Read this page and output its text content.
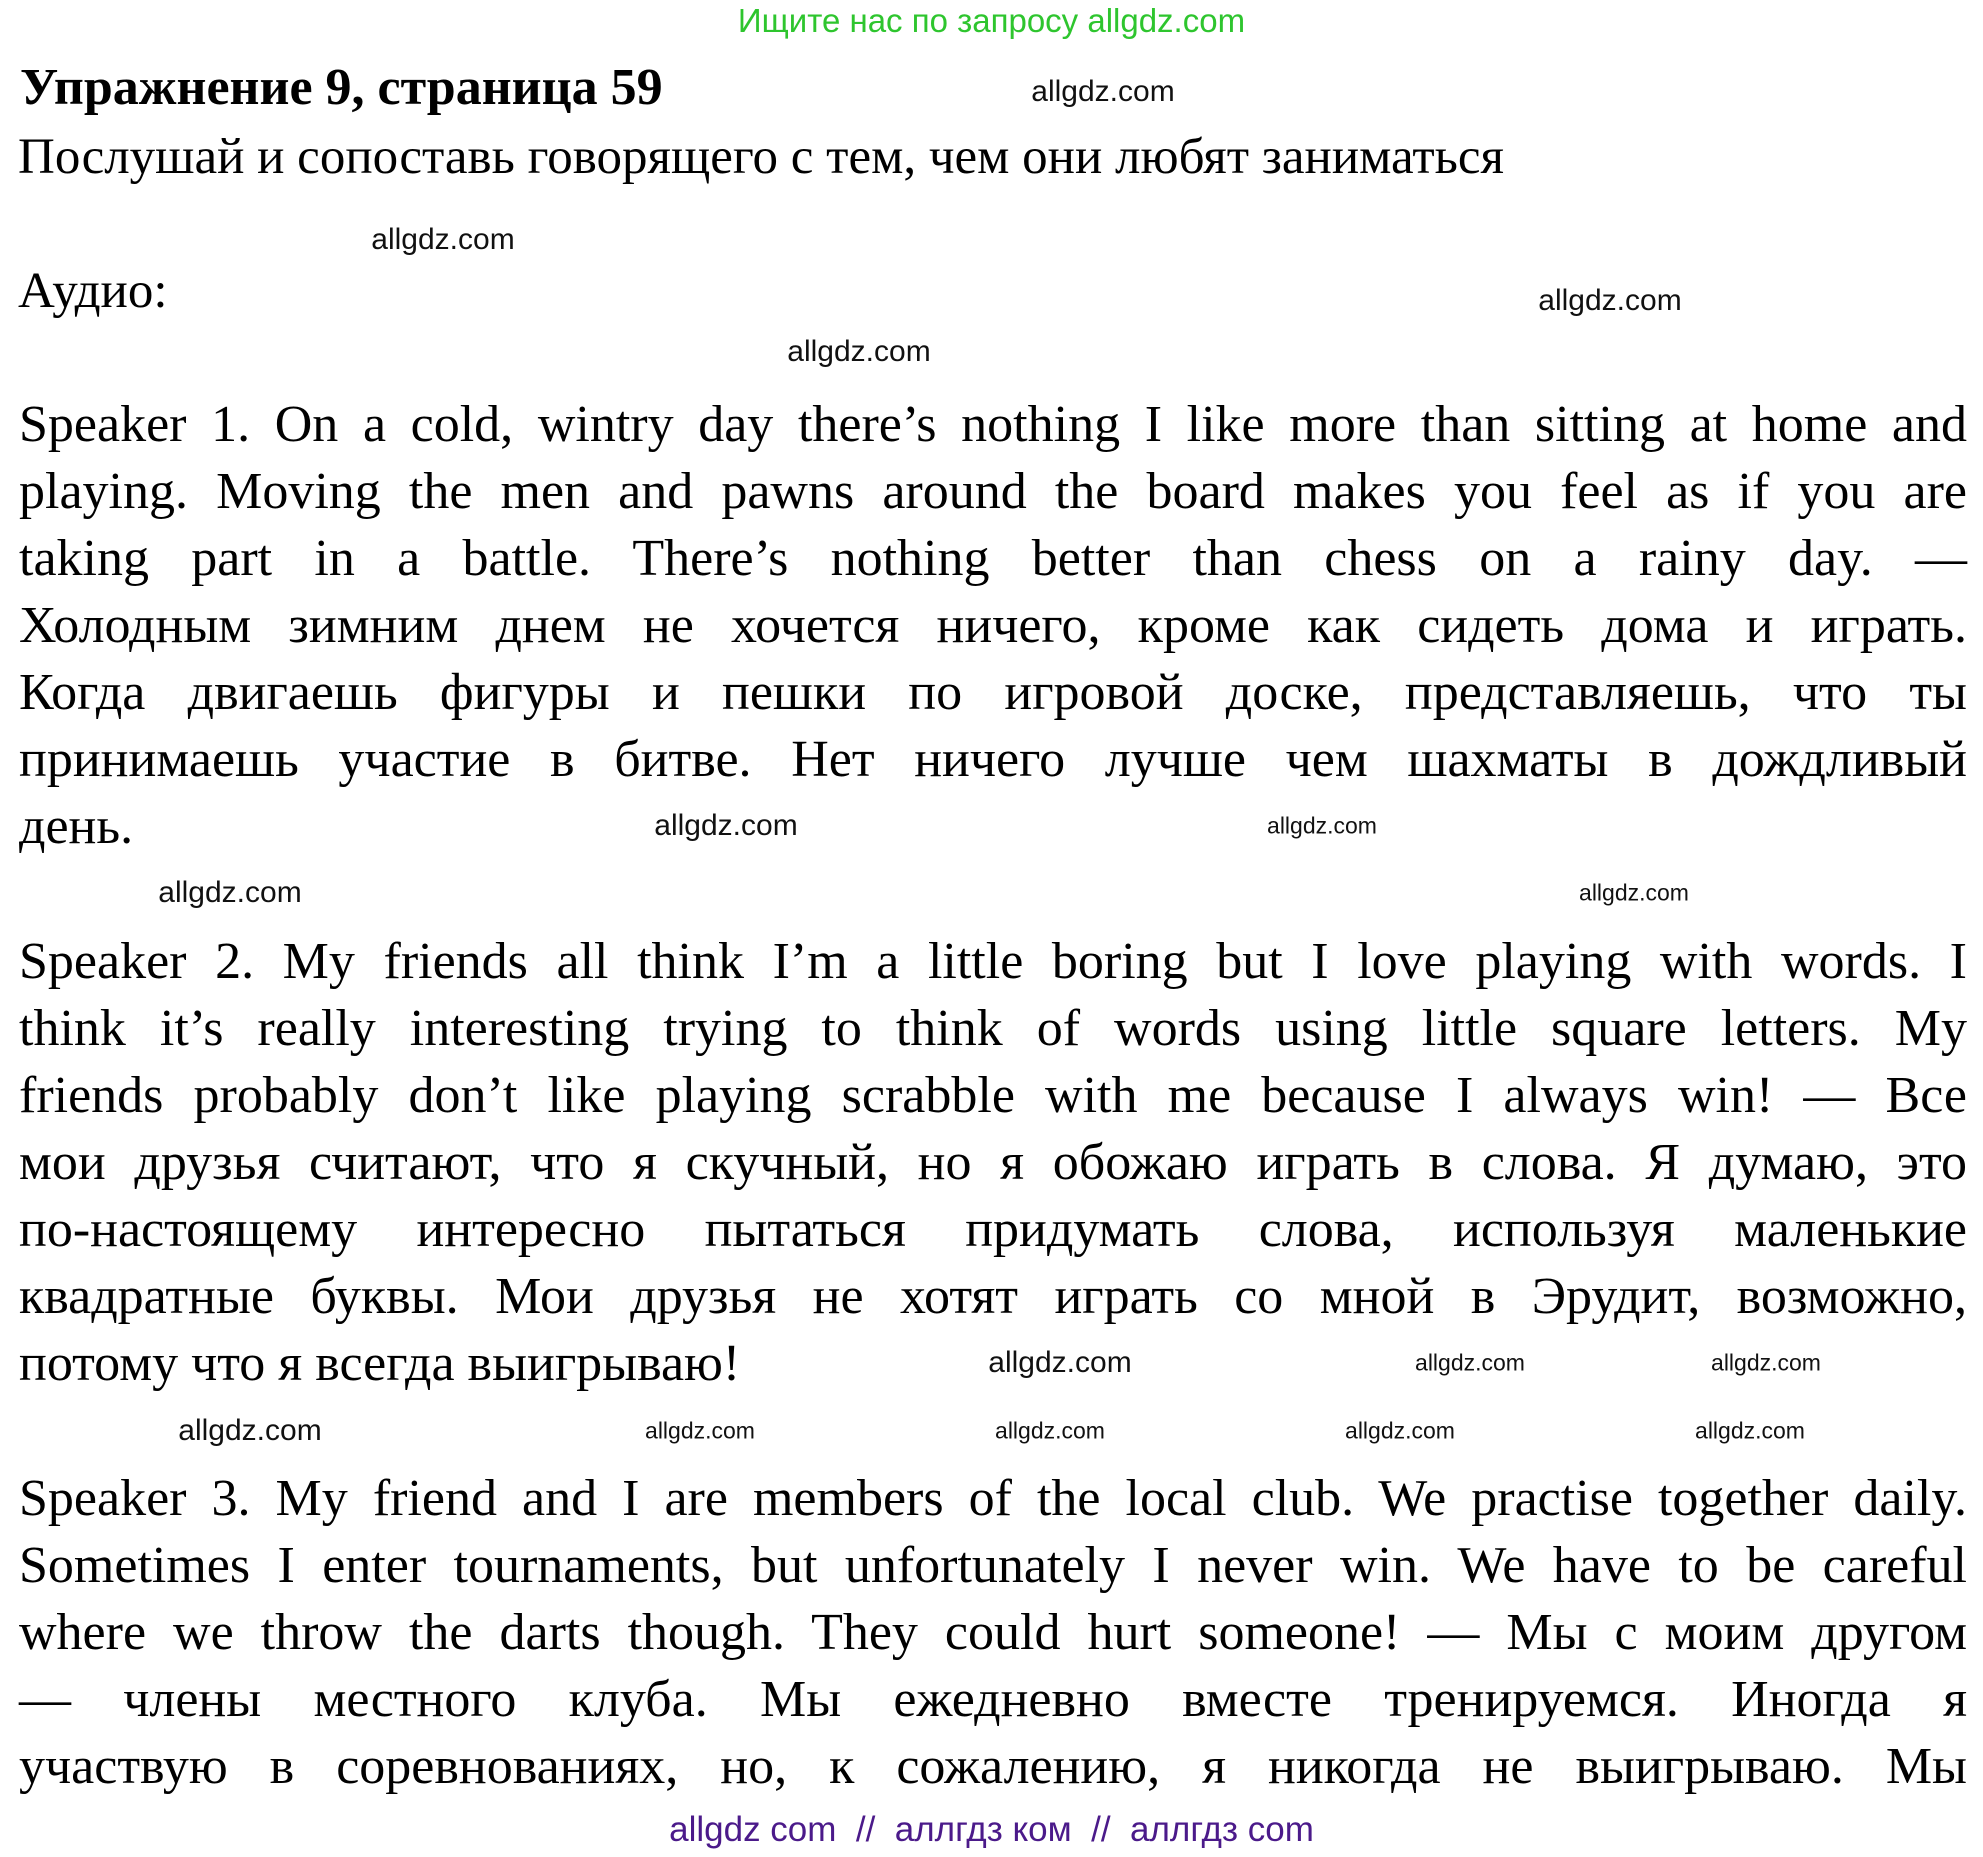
Ищите нас по запросу allgdz.com
Упражнение 9, страница 59
Послушай и сопоставь говорящего с тем, чем они любят заниматься
Аудио:
Speaker 1. On a cold, wintry day there’s nothing I like more than sitting at home and
playing. Moving the men and pawns around the board makes you feel as if you are
taking part in a battle. There’s nothing better than chess on a rainy day. —
Холодным зимним днем не хочется ничего, кроме как сидеть дома и играть.
Когда двигаешь фигуры и пешки по игровой доске, представляешь, что ты
принимаешь участие в битве. Нет ничего лучше чем шахматы в дождливый
день.
Speaker 2. My friends all think I’m a little boring but I love playing with words. I
think it’s really interesting trying to think of words using little square letters. My
friends probably don’t like playing scrabble with me because I always win! — Все
мои друзья считают, что я скучный, но я обожаю играть в слова. Я думаю, это
по-настоящему интересно пытаться придумать слова, используя маленькие
квадратные буквы. Мои друзья не хотят играть со мной в Эрудит, возможно,
потому что я всегда выигрываю!
Speaker 3. My friend and I are members of the local club. We practise together daily.
Sometimes I enter tournaments, but unfortunately I never win. We have to be careful
where we throw the darts though. They could hurt someone! — Мы с моим другом
— члены местного клуба. Мы ежедневно вместе тренируемся. Иногда я
участвую в соревнованиях, но, к сожалению, я никогда не выигрываю. Мы
allgdz.com
allgdz.com
allgdz.com
allgdz.com
allgdz.com
allgdz.com
allgdz.com	allgdz.com
allgdz.com	allgdz.com
allgdz.com
allgdz.com	allgdz.com	allgdz.com	allgdz.com	allgdz.com
allgdz com  //  аллгдз ком  //  аллгдз com
